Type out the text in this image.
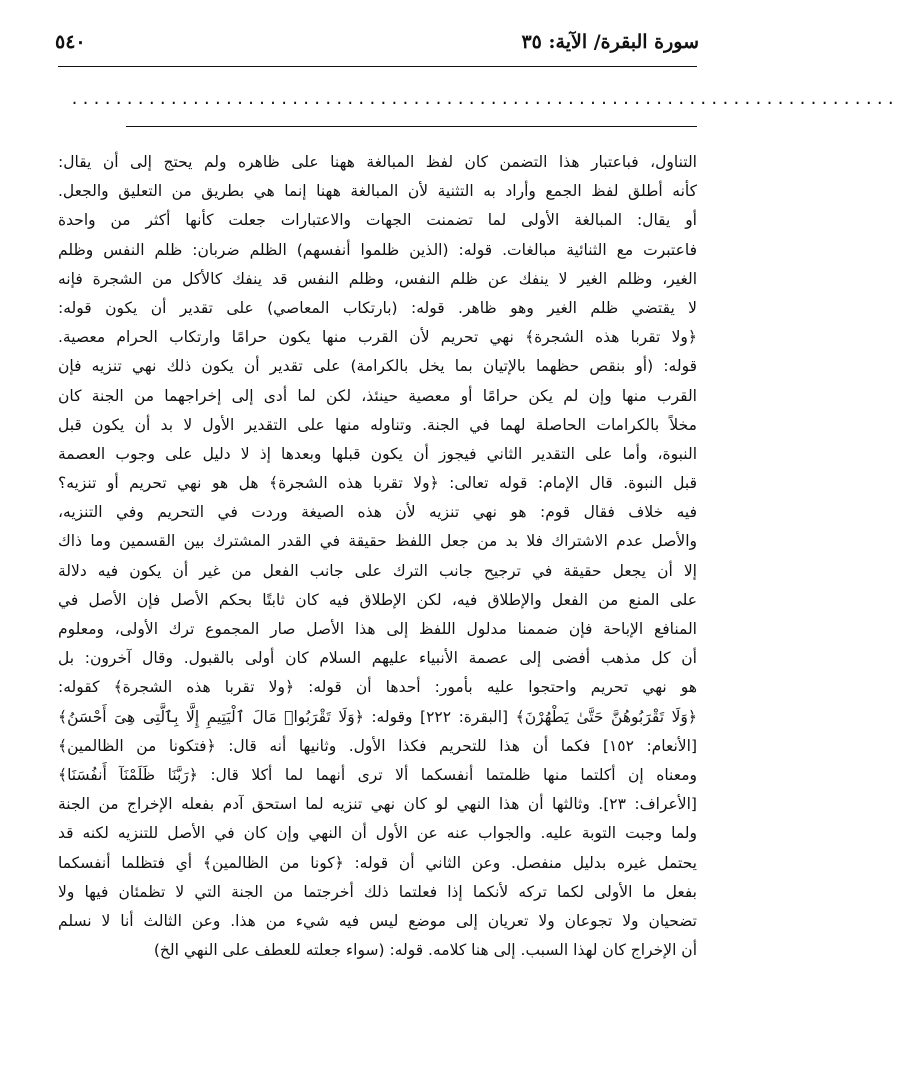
٥٤٠	سورة البقرة/ الآية: ٣٥
...........................................................................
التناول، فباعتبار هذا التضمن كان لفظ المبالغة ههنا على ظاهره ولم يحتج إلى أن يقال:
كأنه أطلق لفظ الجمع وأراد به التثنية لأن المبالغة ههنا إنما هي بطريق من التعليق والجعل.
أو يقال: المبالغة الأولى لما تضمنت الجهات والاعتبارات جعلت كأنها أكثر من واحدة
فاعتبرت مع الثنائية مبالغات. قوله: (الذين ظلموا أنفسهم) الظلم ضربان: ظلم النفس وظلم
الغير، وظلم الغير لا ينفك عن ظلم النفس، وظلم النفس قد ينفك كالأكل من الشجرة فإنه
لا يقتضي ظلم الغير وهو ظاهر. قوله: (بارتكاب المعاصي) على تقدير أن يكون قوله:
﴿ولا تقربا هذه الشجرة﴾ نهي تحريم لأن القرب منها يكون حرامًا وارتكاب الحرام معصية.
قوله: (أو بنقص حظهما بالإتيان بما يخل بالكرامة) على تقدير أن يكون ذلك نهي تنزيه فإن
القرب منها وإن لم يكن حرامًا أو معصية حينئذ، لكن لما أدى إلى إخراجهما من الجنة كان
مخلاً بالكرامات الحاصلة لهما في الجنة. وتناوله منها على التقدير الأول لا بد أن يكون قبل
النبوة، وأما على التقدير الثاني فيجوز أن يكون قبلها وبعدها إذ لا دليل على وجوب العصمة
قبل النبوة. قال الإمام: قوله تعالى: ﴿ولا تقربا هذه الشجرة﴾ هل هو نهي تحريم أو تنزيه؟
فيه خلاف فقال قوم: هو نهي تنزيه لأن هذه الصيغة وردت في التحريم وفي التنزيه،
والأصل عدم الاشتراك فلا بد من جعل اللفظ حقيقة في القدر المشترك بين القسمين وما ذاك
إلا أن يجعل حقيقة في ترجيح جانب الترك على جانب الفعل من غير أن يكون فيه دلالة
على المنع من الفعل والإطلاق فيه، لكن الإطلاق فيه كان ثابتًا بحكم الأصل فإن الأصل في
المنافع الإباحة فإن ضممنا مدلول اللفظ إلى هذا الأصل صار المجموع ترك الأولى، ومعلوم
أن كل مذهب أفضى إلى عصمة الأنبياء عليهم السلام كان أولى بالقبول. وقال آخرون: بل
هو نهي تحريم واحتجوا عليه بأمور: أحدها أن قوله: ﴿ولا تقربا هذه الشجرة﴾ كقوله:
﴿وَلَا تَقْرَبُوهُنَّ حَتَّىٰ يَطْهُرْنَ﴾ [البقرة: ٢٢٢] وقوله: ﴿وَلَا تَقْرَبُوا۟ مَالَ ٱلْيَتِيمِ إِلَّا بِٱلَّتِى هِىَ أَحْسَنُ﴾
[الأنعام: ١٥٢] فكما أن هذا للتحريم فكذا الأول. وثانيها أنه قال: ﴿فتكونا من الظالمين﴾
ومعناه إن أكلتما منها ظلمتما أنفسكما ألا ترى أنهما لما أكلا قال: ﴿رَبَّنَا ظَلَمْنَآ أَنفُسَنَا﴾
[الأعراف: ٢٣]. وثالثها أن هذا النهي لو كان نهي تنزيه لما استحق آدم بفعله الإخراج من الجنة
ولما وجبت التوبة عليه. والجواب عنه عن الأول أن النهي وإن كان في الأصل للتنزيه لكنه قد
يحتمل غيره بدليل منفصل. وعن الثاني أن قوله: ﴿كونا من الظالمين﴾ أي فتظلما أنفسكما
بفعل ما الأولى لكما تركه لأنكما إذا فعلتما ذلك أخرجتما من الجنة التي لا تظمئان فيها ولا
تضحيان ولا تجوعان ولا تعريان إلى موضع ليس فيه شيء من هذا. وعن الثالث أنا لا نسلم
أن الإخراج كان لهذا السبب. إلى هنا كلامه. قوله: (سواء جعلته للعطف على النهي الخ)
